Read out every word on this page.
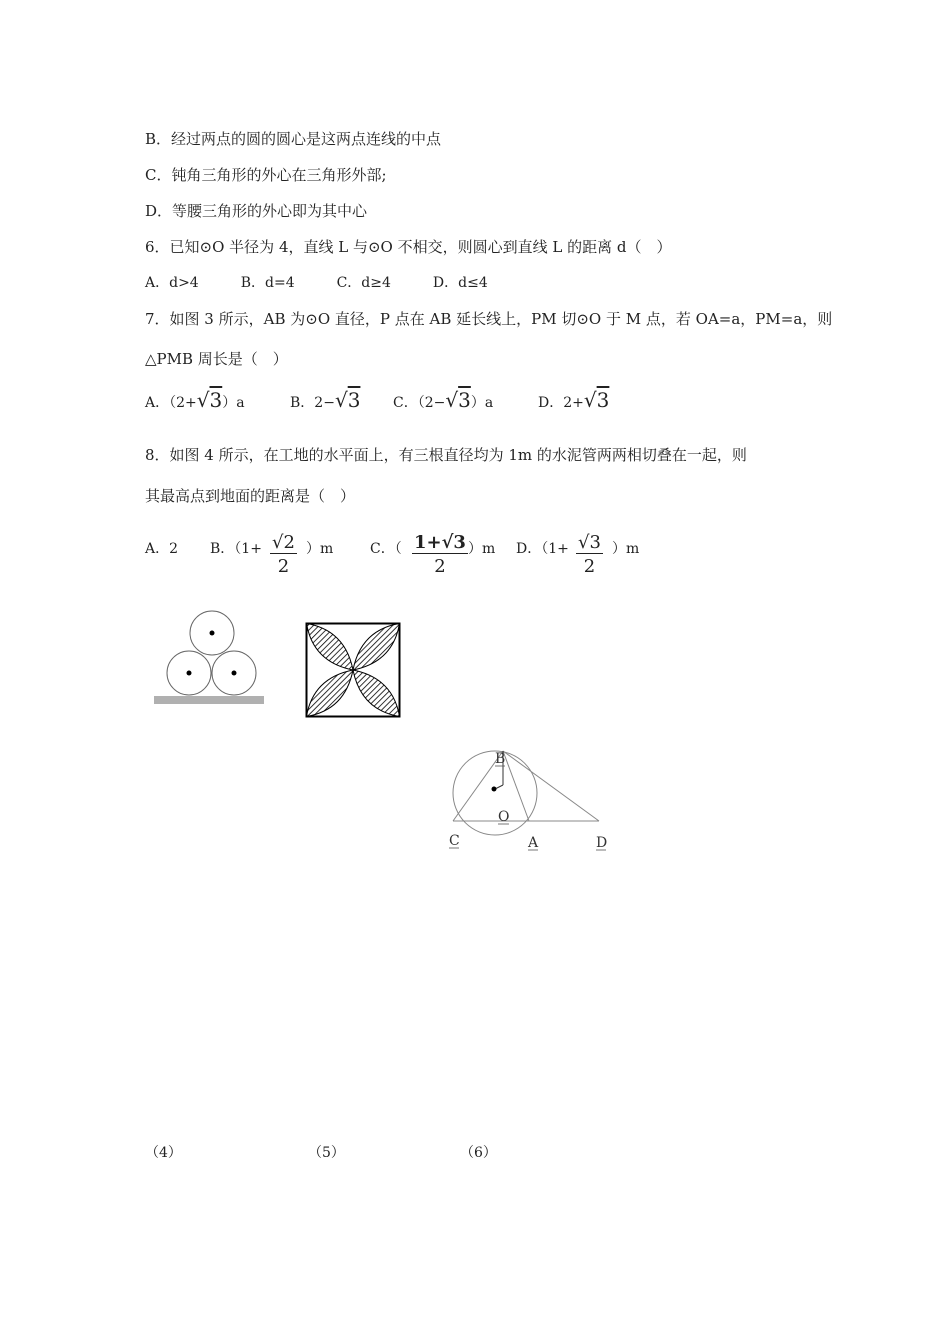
B．经过两点的圆的圆心是这两点连线的中点
C．钝角三角形的外心在三角形外部;
D．等腰三角形的外心即为其中心
6．已知⊙O 半径为 4，直线 L 与⊙O 不相交，则圆心到直线 L 的距离 d（　）
A．d>4　　　B．d=4　　　C．d≥4　　　D．d≤4
7．如图 3 所示，AB 为⊙O 直径，P 点在 AB 延长线上，PM 切⊙O 于 M 点，若 OA=a，PM=a，则
△PMB 周长是（　）
A．（2+√3）a	B．2−√3 C．（2−√3）a	D．2+√3
8．如图 4 所示，在工地的水平面上，有三根直径均为 1m 的水泥管两两相切叠在一起，则
其最高点到地面的距离是（　）
A．2 B．$(1+ \frac{√2}{2} )m$	C．（ $\frac{1+√3}{2} )m$ D．$(1+ \frac{√3}{2} )m$
B
O
C	A	D
（4）	（5）	（6）
